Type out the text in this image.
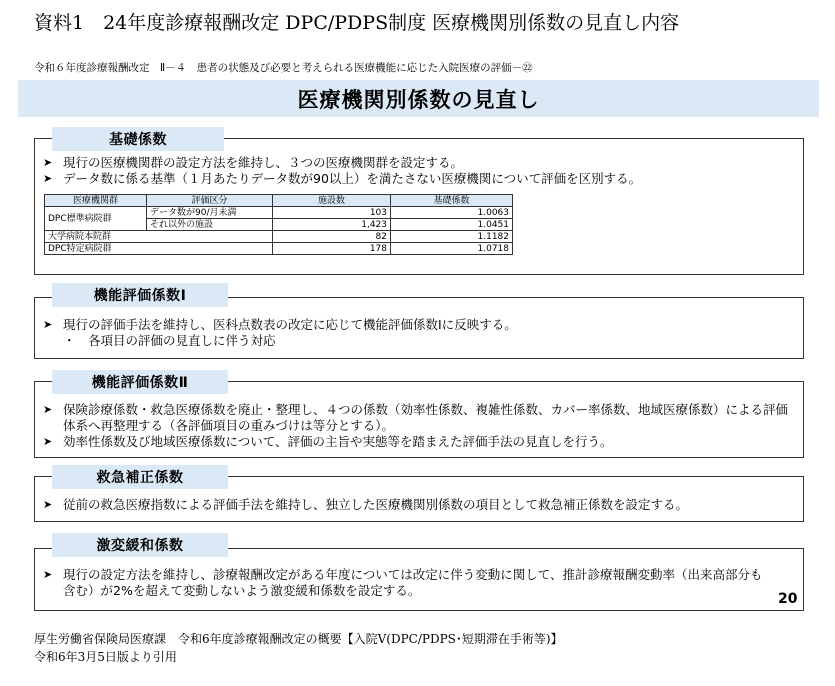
資料1　24年度診療報酬改定 DPC/PDPS制度 医療機関別係数の見直し内容
令和６年度診療報酬改定　Ⅱ－４　患者の状態及び必要と考えられる医療機能に応じた入院医療の評価－㉒
医療機関別係数の見直し
➤ 現行の医療機関群の設定方法を維持し、３つの医療機関群を設定する。
➤ データ数に係る基準（１月あたりデータ数が90以上）を満たさない医療機関について評価を区別する。
基礎係数
医療機関群	評価区分	施設数	基礎係数
DPC標準病院群	データ数が90/月未満	103	1.0063
	それ以外の施設	1,423	1.0451
大学病院本院群		82	1.1182
DPC特定病院群		178	1.0718
➤ 現行の評価手法を維持し、医科点数表の改定に応じて機能評価係数Ⅰに反映する。
・　各項目の評価の見直しに伴う対応
機能評価係数Ⅰ
➤ 保険診療係数・救急医療係数を廃止・整理し、４つの係数（効率性係数、複雑性係数、カバー率係数、地域医療係数）による評価体系へ再整理する（各評価項目の重みづけは等分とする）。
➤ 効率性係数及び地域医療係数について、評価の主旨や実態等を踏まえた評価手法の見直しを行う。
機能評価係数Ⅱ
➤ 従前の救急医療指数による評価手法を維持し、独立した医療機関別係数の項目として救急補正係数を設定する。
救急補正係数
➤ 現行の設定方法を維持し、診療報酬改定がある年度については改定に伴う変動に関して、推計診療報酬変動率（出来高部分も含む）が2%を超えて変動しないよう激変緩和係数を設定する。
激変緩和係数
20
厚生労働省保険局医療課　令和6年度診療報酬改定の概要【入院Ⅴ(DPC/PDPS･短期滞在手術等)】
令和6年3月5日版より引用
